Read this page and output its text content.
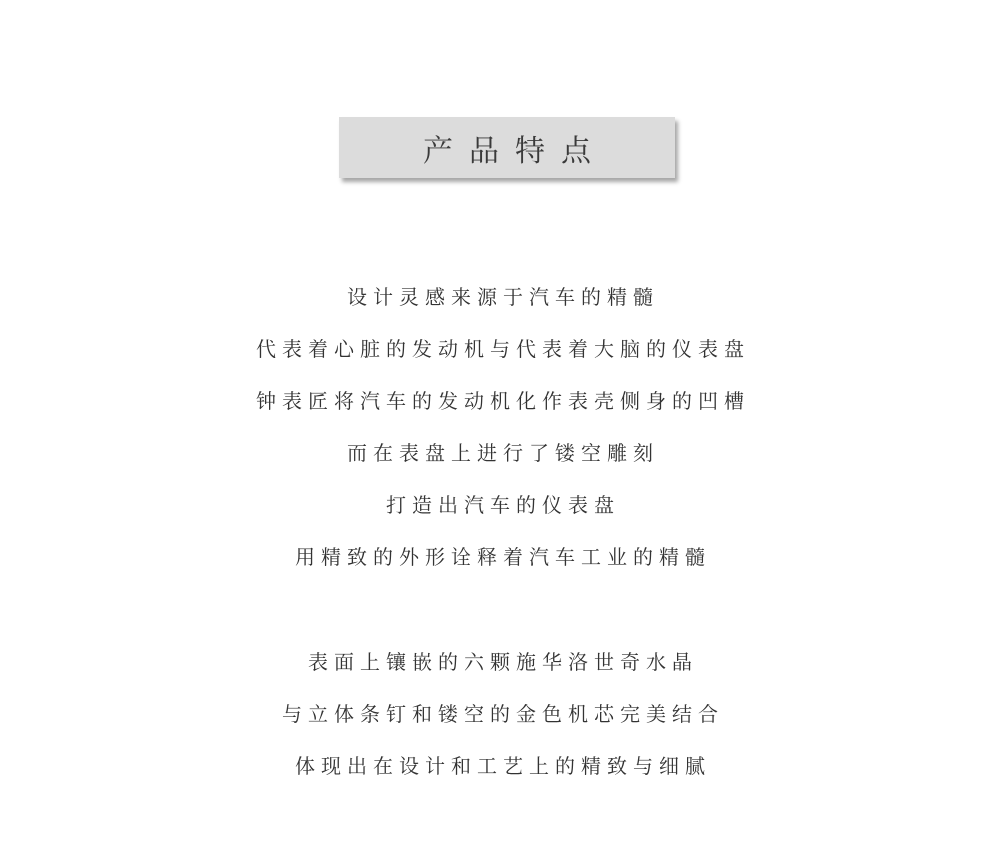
产品特点
设计灵感来源于汽车的精髓
代表着心脏的发动机与代表着大脑的仪表盘
钟表匠将汽车的发动机化作表壳侧身的凹槽
而在表盘上进行了镂空雕刻
打造出汽车的仪表盘
用精致的外形诠释着汽车工业的精髓
表面上镶嵌的六颗施华洛世奇水晶
与立体条钉和镂空的金色机芯完美结合
体现出在设计和工艺上的精致与细腻
